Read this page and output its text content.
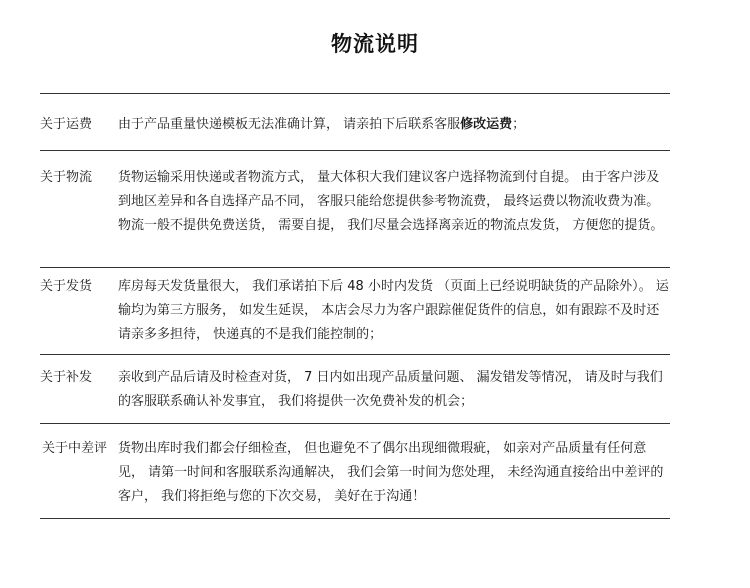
物流说明
关于运费	由于产品重量快递模板无法准确计算， 请亲拍下后联系客服修改运费；
关于物流	货物运输采用快递或者物流方式， 量大体积大我们建议客户选择物流到付自提。 由于客户涉及到地区差异和各自选择产品不同， 客服只能给您提供参考物流费， 最终运费以物流收费为准。 物流一般不提供免费送货， 需要自提， 我们尽量会选择离亲近的物流点发货， 方便您的提货。
关于发货	库房每天发货量很大， 我们承诺拍下后 48 小时内发货 （页面上已经说明缺货的产品除外）。 运输均为第三方服务， 如发生延误， 本店会尽力为客户跟踪催促货件的信息，如有跟踪不及时还请亲多多担待， 快递真的不是我们能控制的；
关于补发	亲收到产品后请及时检查对货， 7 日内如出现产品质量问题、 漏发错发等情况， 请及时与我们的客服联系确认补发事宜， 我们将提供一次免费补发的机会；
关于中差评 货物出库时我们都会仔细检查， 但也避免不了偶尔出现细微瑕疵， 如亲对产品质量有任何意见， 请第一时间和客服联系沟通解决， 我们会第一时间为您处理， 未经沟通直接给出中差评的客户， 我们将拒绝与您的下次交易， 美好在于沟通！
